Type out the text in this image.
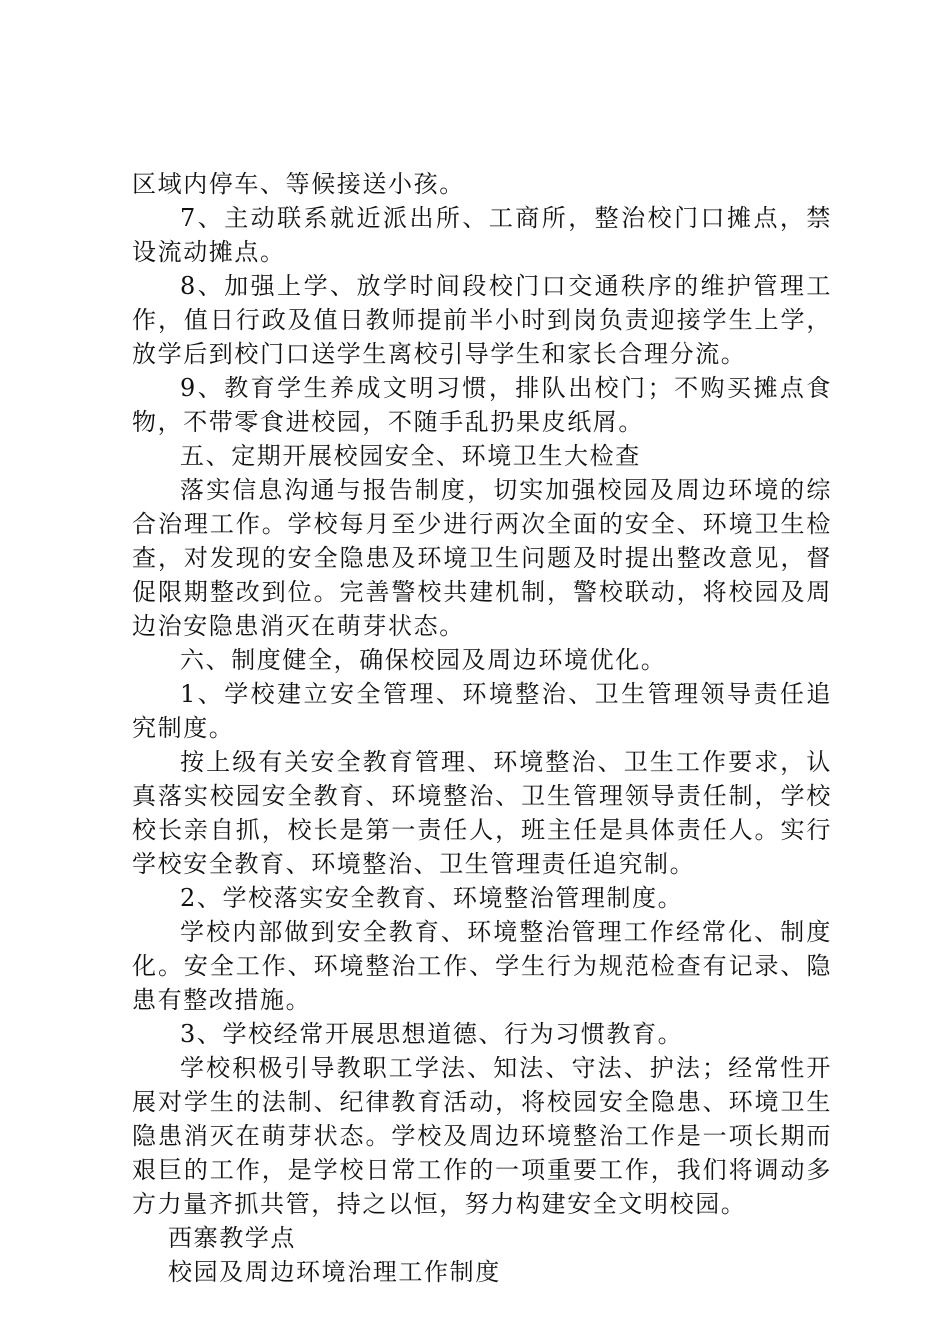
区域内停车、等候接送小孩。

7、主动联系就近派出所、工商所，整治校门口摊点，禁设流动摊点。

8、加强上学、放学时间段校门口交通秩序的维护管理工作，值日行政及值日教师提前半小时到岗负责迎接学生上学，放学后到校门口送学生离校引导学生和家长合理分流。

9、教育学生养成文明习惯，排队出校门；不购买摊点食物，不带零食进校园，不随手乱扔果皮纸屑。

五、定期开展校园安全、环境卫生大检查

落实信息沟通与报告制度，切实加强校园及周边环境的综合治理工作。学校每月至少进行两次全面的安全、环境卫生检查，对发现的安全隐患及环境卫生问题及时提出整改意见，督促限期整改到位。完善警校共建机制，警校联动，将校园及周边治安隐患消灭在萌芽状态。

六、制度健全，确保校园及周边环境优化。

1、学校建立安全管理、环境整治、卫生管理领导责任追究制度。

按上级有关安全教育管理、环境整治、卫生工作要求，认真落实校园安全教育、环境整治、卫生管理领导责任制，学校校长亲自抓，校长是第一责任人，班主任是具体责任人。实行学校安全教育、环境整治、卫生管理责任追究制。

2、学校落实安全教育、环境整治管理制度。

学校内部做到安全教育、环境整治管理工作经常化、制度化。安全工作、环境整治工作、学生行为规范检查有记录、隐患有整改措施。

3、学校经常开展思想道德、行为习惯教育。

学校积极引导教职工学法、知法、守法、护法；经常性开展对学生的法制、纪律教育活动，将校园安全隐患、环境卫生隐患消灭在萌芽状态。学校及周边环境整治工作是一项长期而艰巨的工作，是学校日常工作的一项重要工作，我们将调动多方力量齐抓共管，持之以恒，努力构建安全文明校园。

西寨教学点

校园及周边环境治理工作制度
